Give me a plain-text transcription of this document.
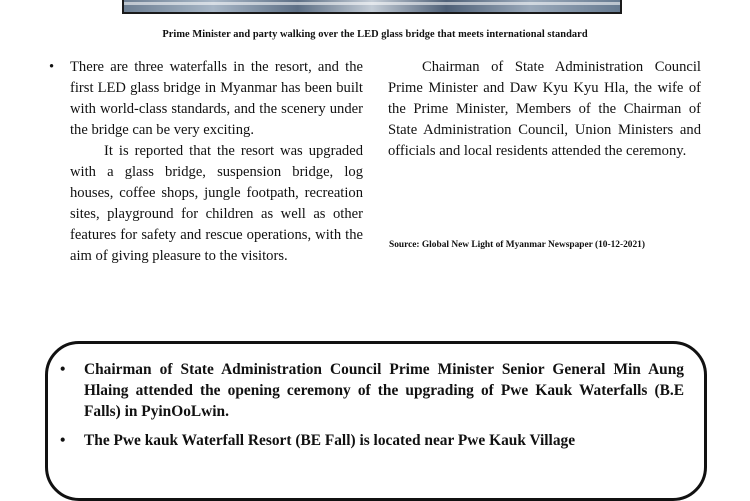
Prime Minister and party walking over the LED glass bridge that meets international standard
• There are three waterfalls in the resort, and the first LED glass bridge in Myanmar has been built with world-class standards, and the scenery under the bridge can be very exciting.

It is reported that the resort was upgraded with a glass bridge, suspension bridge, log houses, coffee shops, jungle footpath, recreation sites, playground for children as well as other features for safety and rescue operations, with the aim of giving pleasure to the visitors.

Chairman of State Administration Council Prime Minister and Daw Kyu Kyu Hla, the wife of the Prime Minister, Members of the Chairman of State Administration Council, Union Ministers and officials and local residents attended the ceremony.

Source: Global New Light of Myanmar Newspaper (10-12-2021)
• Chairman of State Administration Council Prime Minister Senior General Min Aung Hlaing attended the opening ceremony of the upgrading of Pwe Kauk Waterfalls (B.E Falls) in PyinOoLwin.
• The Pwe kauk Waterfall Resort (BE Fall) is located near Pwe Kauk Village
